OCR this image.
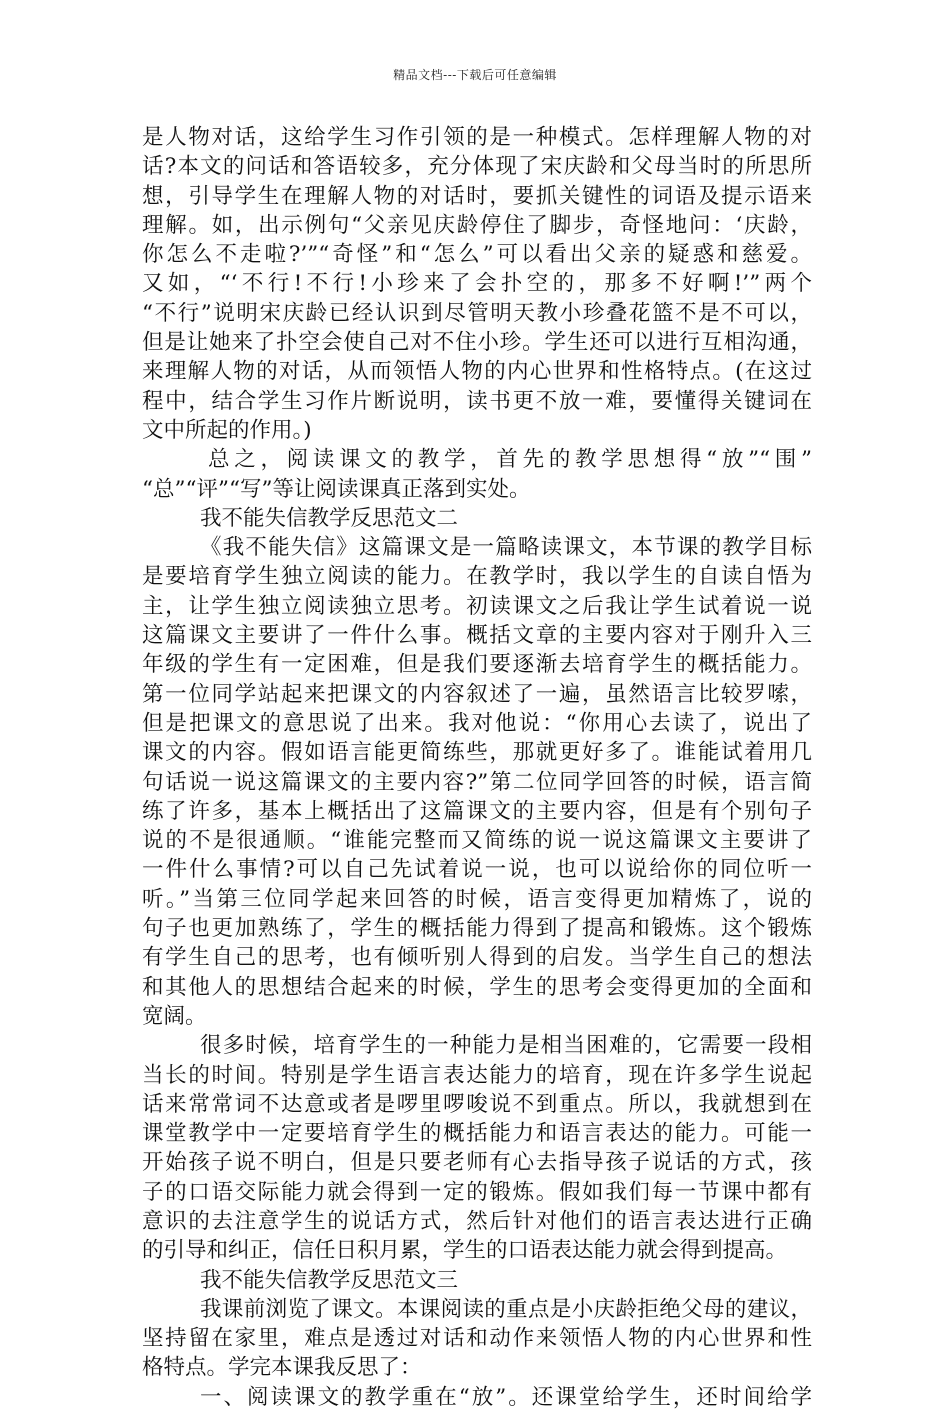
精品文档---下载后可任意编辑
是人物对话，这给学生习作引领的是一种模式。怎样理解人物的对
话?本文的问话和答语较多，充分体现了宋庆龄和父母当时的所思所
想，引导学生在理解人物的对话时，要抓关键性的词语及提示语来
理解。如，出示例句“父亲见庆龄停住了脚步，奇怪地问：‘庆龄，
你怎么不走啦?’”“奇怪”和“怎么”可以看出父亲的疑惑和慈爱。
又如，“‘不行!不行!小珍来了会扑空的，那多不好啊!’”两个
“不行”说明宋庆龄已经认识到尽管明天教小珍叠花篮不是不可以，
但是让她来了扑空会使自己对不住小珍。学生还可以进行互相沟通，
来理解人物的对话，从而领悟人物的内心世界和性格特点。(在这过
程中，结合学生习作片断说明，读书更不放一难，要懂得关键词在
文中所起的作用。)
总之，阅读课文的教学，首先的教学思想得“放”“围”
“总”“评”“写”等让阅读课真正落到实处。
我不能失信教学反思范文二
《我不能失信》这篇课文是一篇略读课文，本节课的教学目标
是要培育学生独立阅读的能力。在教学时，我以学生的自读自悟为
主，让学生独立阅读独立思考。初读课文之后我让学生试着说一说
这篇课文主要讲了一件什么事。概括文章的主要内容对于刚升入三
年级的学生有一定困难，但是我们要逐渐去培育学生的概括能力。
第一位同学站起来把课文的内容叙述了一遍，虽然语言比较罗嗦，
但是把课文的意思说了出来。我对他说：“你用心去读了，说出了
课文的内容。假如语言能更简练些，那就更好多了。谁能试着用几
句话说一说这篇课文的主要内容?”第二位同学回答的时候，语言简
练了许多，基本上概括出了这篇课文的主要内容，但是有个别句子
说的不是很通顺。“谁能完整而又简练的说一说这篇课文主要讲了
一件什么事情?可以自己先试着说一说，也可以说给你的同位听一
听。”当第三位同学起来回答的时候，语言变得更加精炼了，说的
句子也更加熟练了，学生的概括能力得到了提高和锻炼。这个锻炼
有学生自己的思考，也有倾听别人得到的启发。当学生自己的想法
和其他人的思想结合起来的时候，学生的思考会变得更加的全面和
宽阔。
很多时候，培育学生的一种能力是相当困难的，它需要一段相
当长的时间。特别是学生语言表达能力的培育，现在许多学生说起
话来常常词不达意或者是啰里啰唆说不到重点。所以，我就想到在
课堂教学中一定要培育学生的概括能力和语言表达的能力。可能一
开始孩子说不明白，但是只要老师有心去指导孩子说话的方式，孩
子的口语交际能力就会得到一定的锻炼。假如我们每一节课中都有
意识的去注意学生的说话方式，然后针对他们的语言表达进行正确
的引导和纠正，信任日积月累，学生的口语表达能力就会得到提高。
我不能失信教学反思范文三
我课前浏览了课文。本课阅读的重点是小庆龄拒绝父母的建议，
坚持留在家里，难点是透过对话和动作来领悟人物的内心世界和性
格特点。学完本课我反思了：
一、阅读课文的教学重在“放”。还课堂给学生，还时间给学
